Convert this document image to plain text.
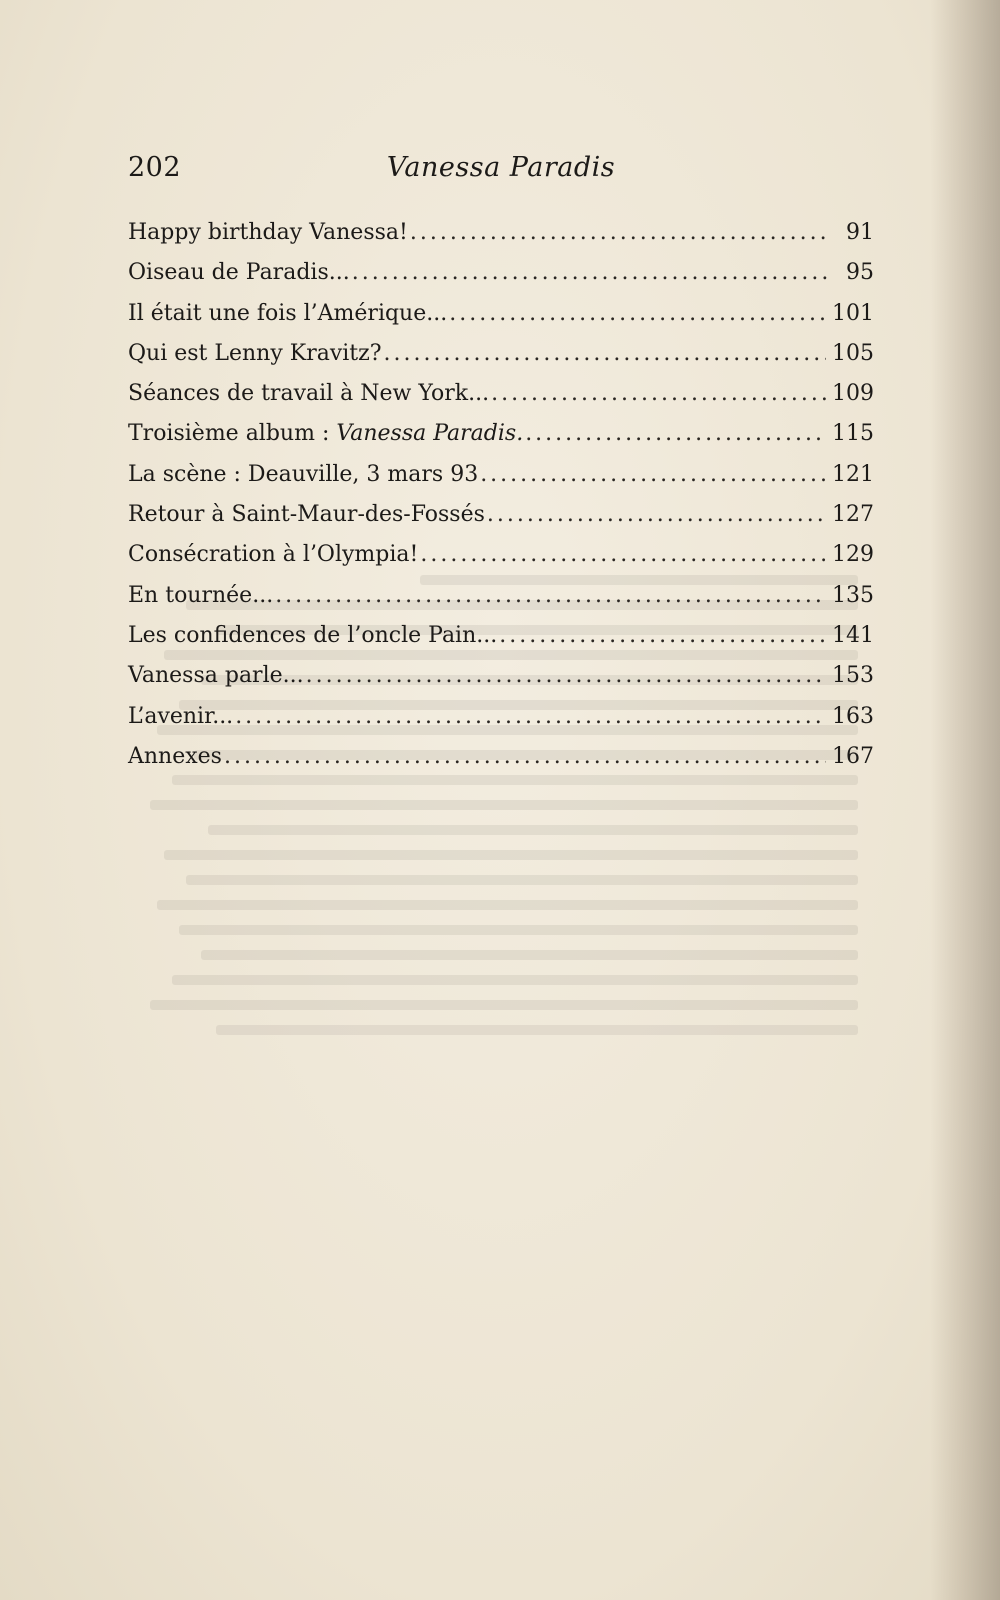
202	Vanessa Paradis
Happy birthday Vanessa! .....	91
Oiseau de Paradis... .....	95
Il était une fois l’Amérique... .....	101
Qui est Lenny Kravitz? .....	105
Séances de travail à New York... .....	109
Troisième album : Vanessa Paradis. .....	115
La scène : Deauville, 3 mars 93 .....	121
Retour à Saint-Maur-des-Fossés .....	127
Consécration à l’Olympia! .....	129
En tournée... .....	135
Les confidences de l’oncle Pain... .....	141
Vanessa parle... .....	153
L’avenir... .....	163
Annexes .....	167
